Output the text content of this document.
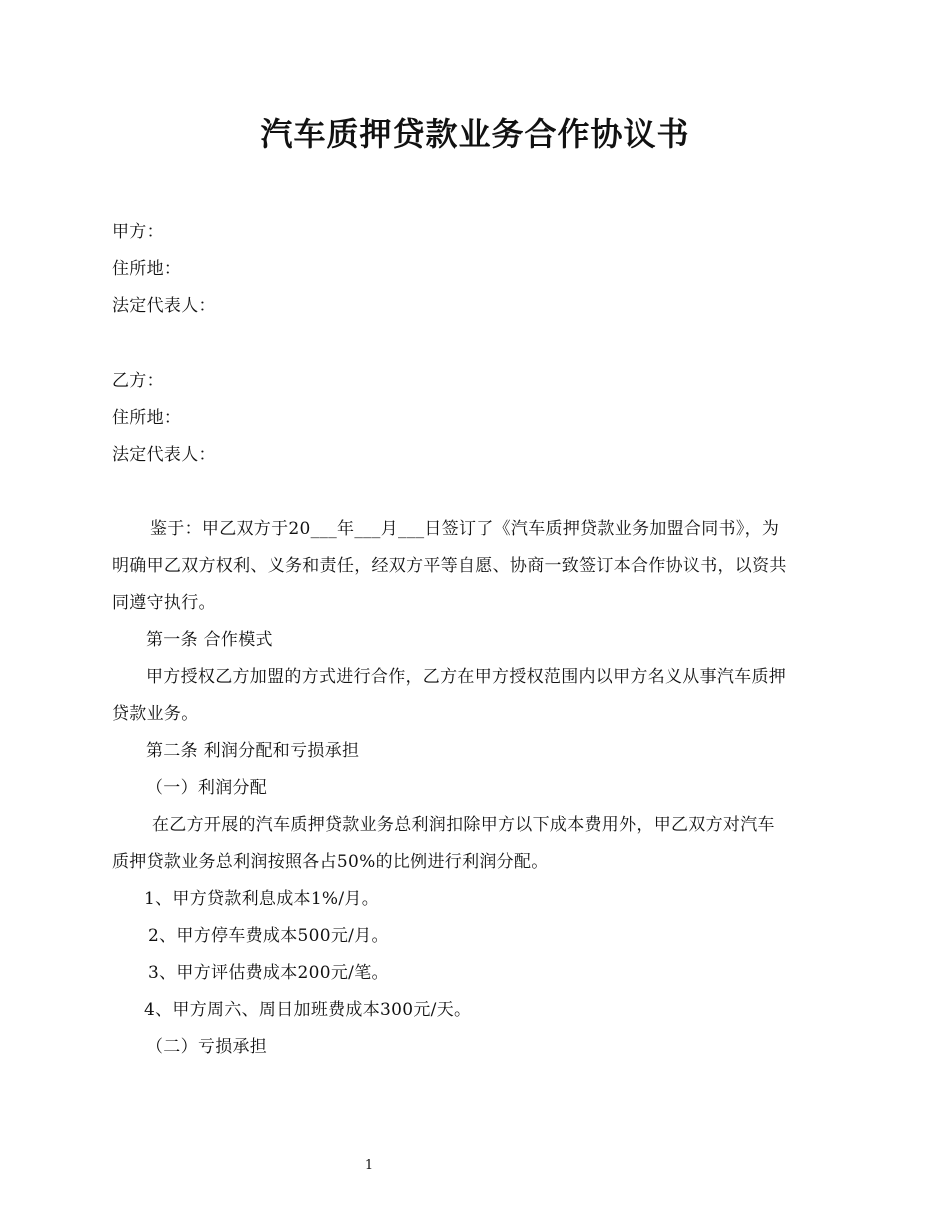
汽车质押贷款业务合作协议书
甲方：
住所地：
法定代表人：
乙方：
住所地：
法定代表人：
鉴于：甲乙双方于20___年___月___日签订了《汽车质押贷款业务加盟合同书》，为
明确甲乙双方权利、义务和责任，经双方平等自愿、协商一致签订本合作协议书，以资共
同遵守执行。
第一条 合作模式
甲方授权乙方加盟的方式进行合作，乙方在甲方授权范围内以甲方名义从事汽车质押
贷款业务。
第二条 利润分配和亏损承担
（一）利润分配
在乙方开展的汽车质押贷款业务总利润扣除甲方以下成本费用外，甲乙双方对汽车
质押贷款业务总利润按照各占50%的比例进行利润分配。
1、甲方贷款利息成本1%/月。
2、甲方停车费成本500元/月。
3、甲方评估费成本200元/笔。
4、甲方周六、周日加班费成本300元/天。
（二）亏损承担
1
